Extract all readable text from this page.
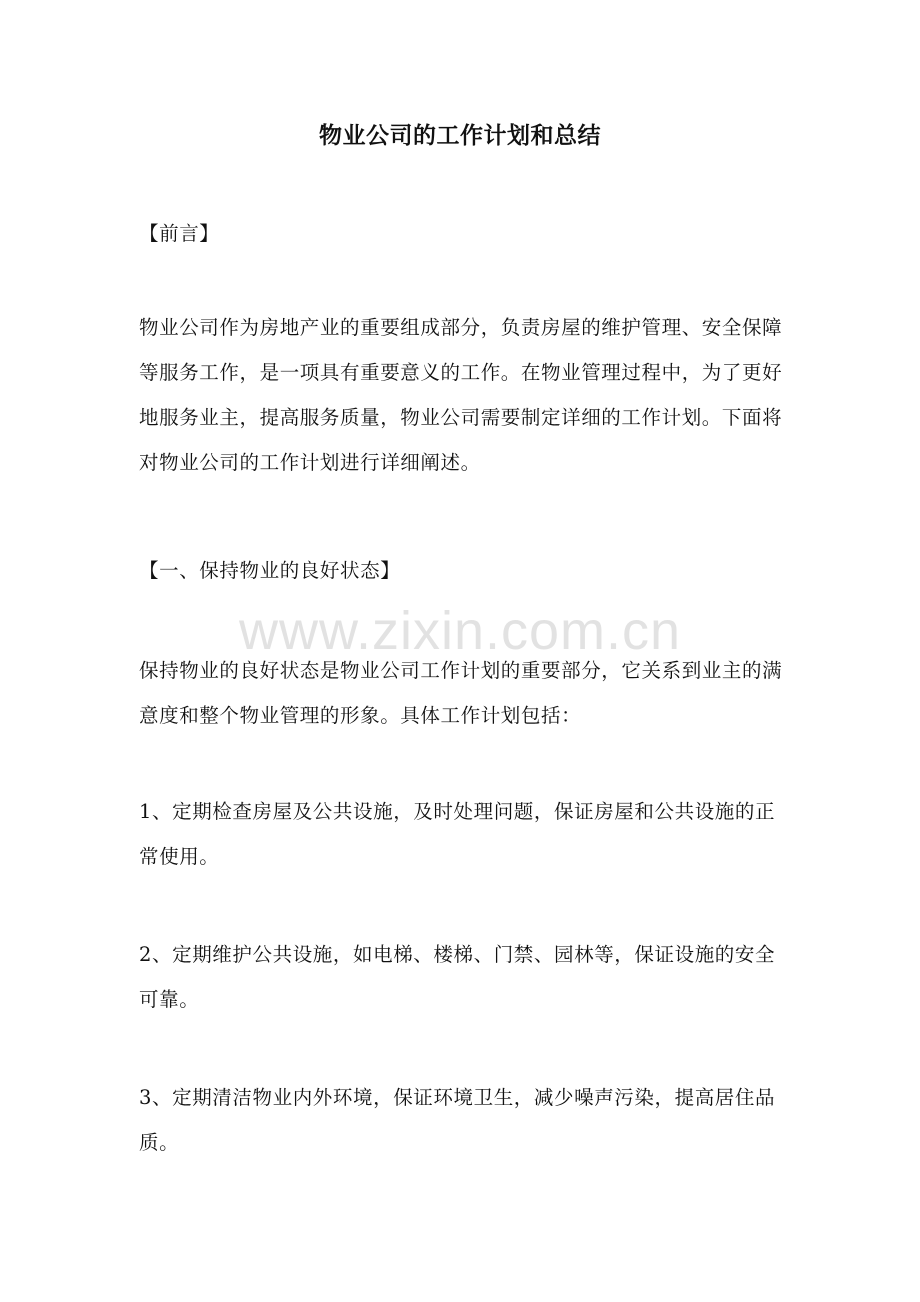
物业公司的工作计划和总结
【前言】
物业公司作为房地产业的重要组成部分，负责房屋的维护管理、安全保障等服务工作，是一项具有重要意义的工作。在物业管理过程中，为了更好地服务业主，提高服务质量，物业公司需要制定详细的工作计划。下面将对物业公司的工作计划进行详细阐述。
【一、保持物业的良好状态】
www.zixin.com.cn
保持物业的良好状态是物业公司工作计划的重要部分，它关系到业主的满意度和整个物业管理的形象。具体工作计划包括：
1、定期检查房屋及公共设施，及时处理问题，保证房屋和公共设施的正常使用。
2、定期维护公共设施，如电梯、楼梯、门禁、园林等，保证设施的安全可靠。
3、定期清洁物业内外环境，保证环境卫生，减少噪声污染，提高居住品质。
